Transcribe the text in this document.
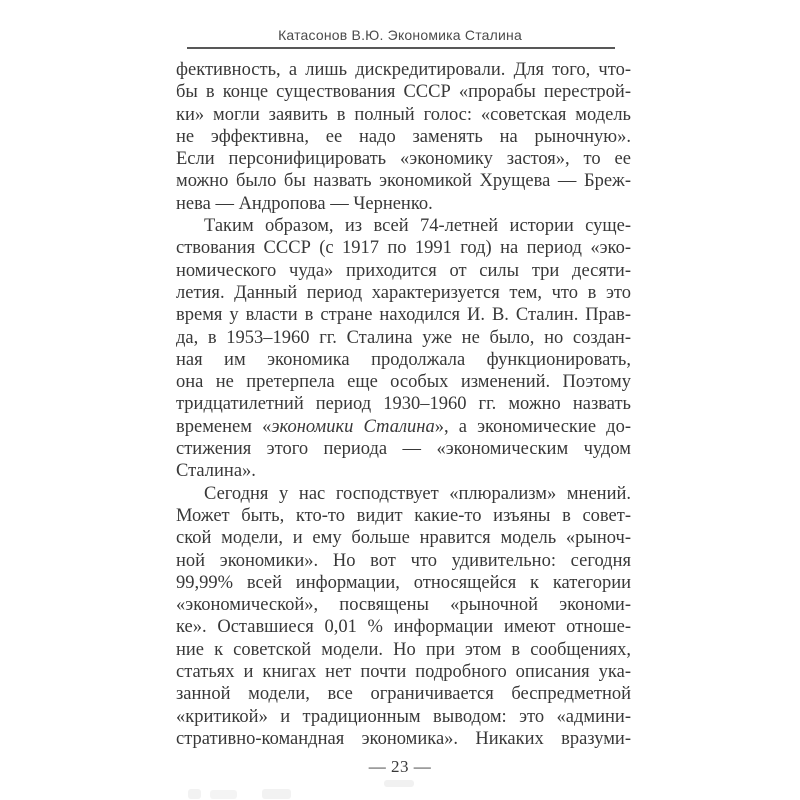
Катасонов В.Ю. Экономика Сталина
фективность, а лишь дискредитировали. Для того, что-
бы в конце существования СССР «прорабы перестрой-
ки» могли заявить в полный голос: «советская модель
не эффективна, ее надо заменять на рыночную».
Если персонифицировать «экономику застоя», то ее
можно было бы назвать экономикой Хрущева — Бреж-
нева — Андропова — Черненко.
Таким образом, из всей 74-летней истории суще-
ствования СССР (с 1917 по 1991 год) на период «эко-
номического чуда» приходится от силы три десяти-
летия. Данный период характеризуется тем, что в это
время у власти в стране находился И. В. Сталин. Прав-
да, в 1953–1960 гг. Сталина уже не было, но создан-
ная им экономика продолжала функционировать,
она не претерпела еще особых изменений. Поэтому
тридцатилетний период 1930–1960 гг. можно назвать
временем «экономики Сталина», а экономические до-
стижения этого периода — «экономическим чудом
Сталина».
Сегодня у нас господствует «плюрализм» мнений.
Может быть, кто-то видит какие-то изъяны в совет-
ской модели, и ему больше нравится модель «рыноч-
ной экономики». Но вот что удивительно: сегодня
99,99% всей информации, относящейся к категории
«экономической», посвящены «рыночной экономи-
ке». Оставшиеся 0,01 % информации имеют отноше-
ние к советской модели. Но при этом в сообщениях,
статьях и книгах нет почти подробного описания ука-
занной модели, все ограничивается беспредметной
«критикой» и традиционным выводом: это «админи-
стративно-командная экономика». Никаких вразуми-
— 23 —
